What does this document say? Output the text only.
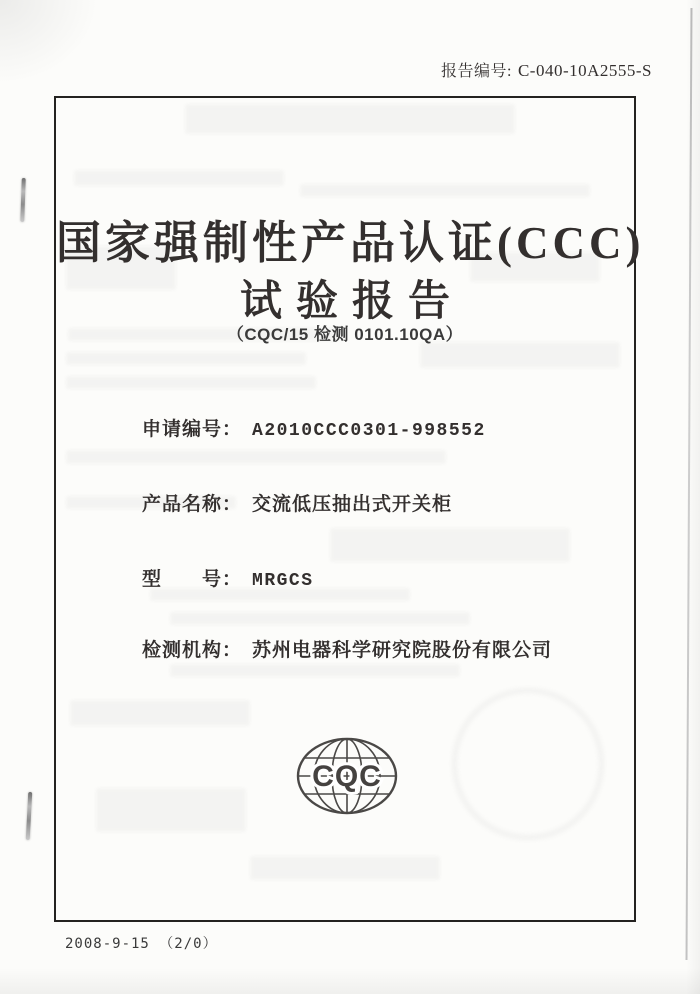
报告编号: C-040-10A2555-S
国家强制性产品认证(CCC)
试验报告
（CQC/15 检测 0101.10QA）
申请编号： A2010CCC0301-998552
产品名称： 交流低压抽出式开关柜
型　　号： MRGCS
检测机构： 苏州电器科学研究院股份有限公司
CQC
2008-9-15 （2/0）
